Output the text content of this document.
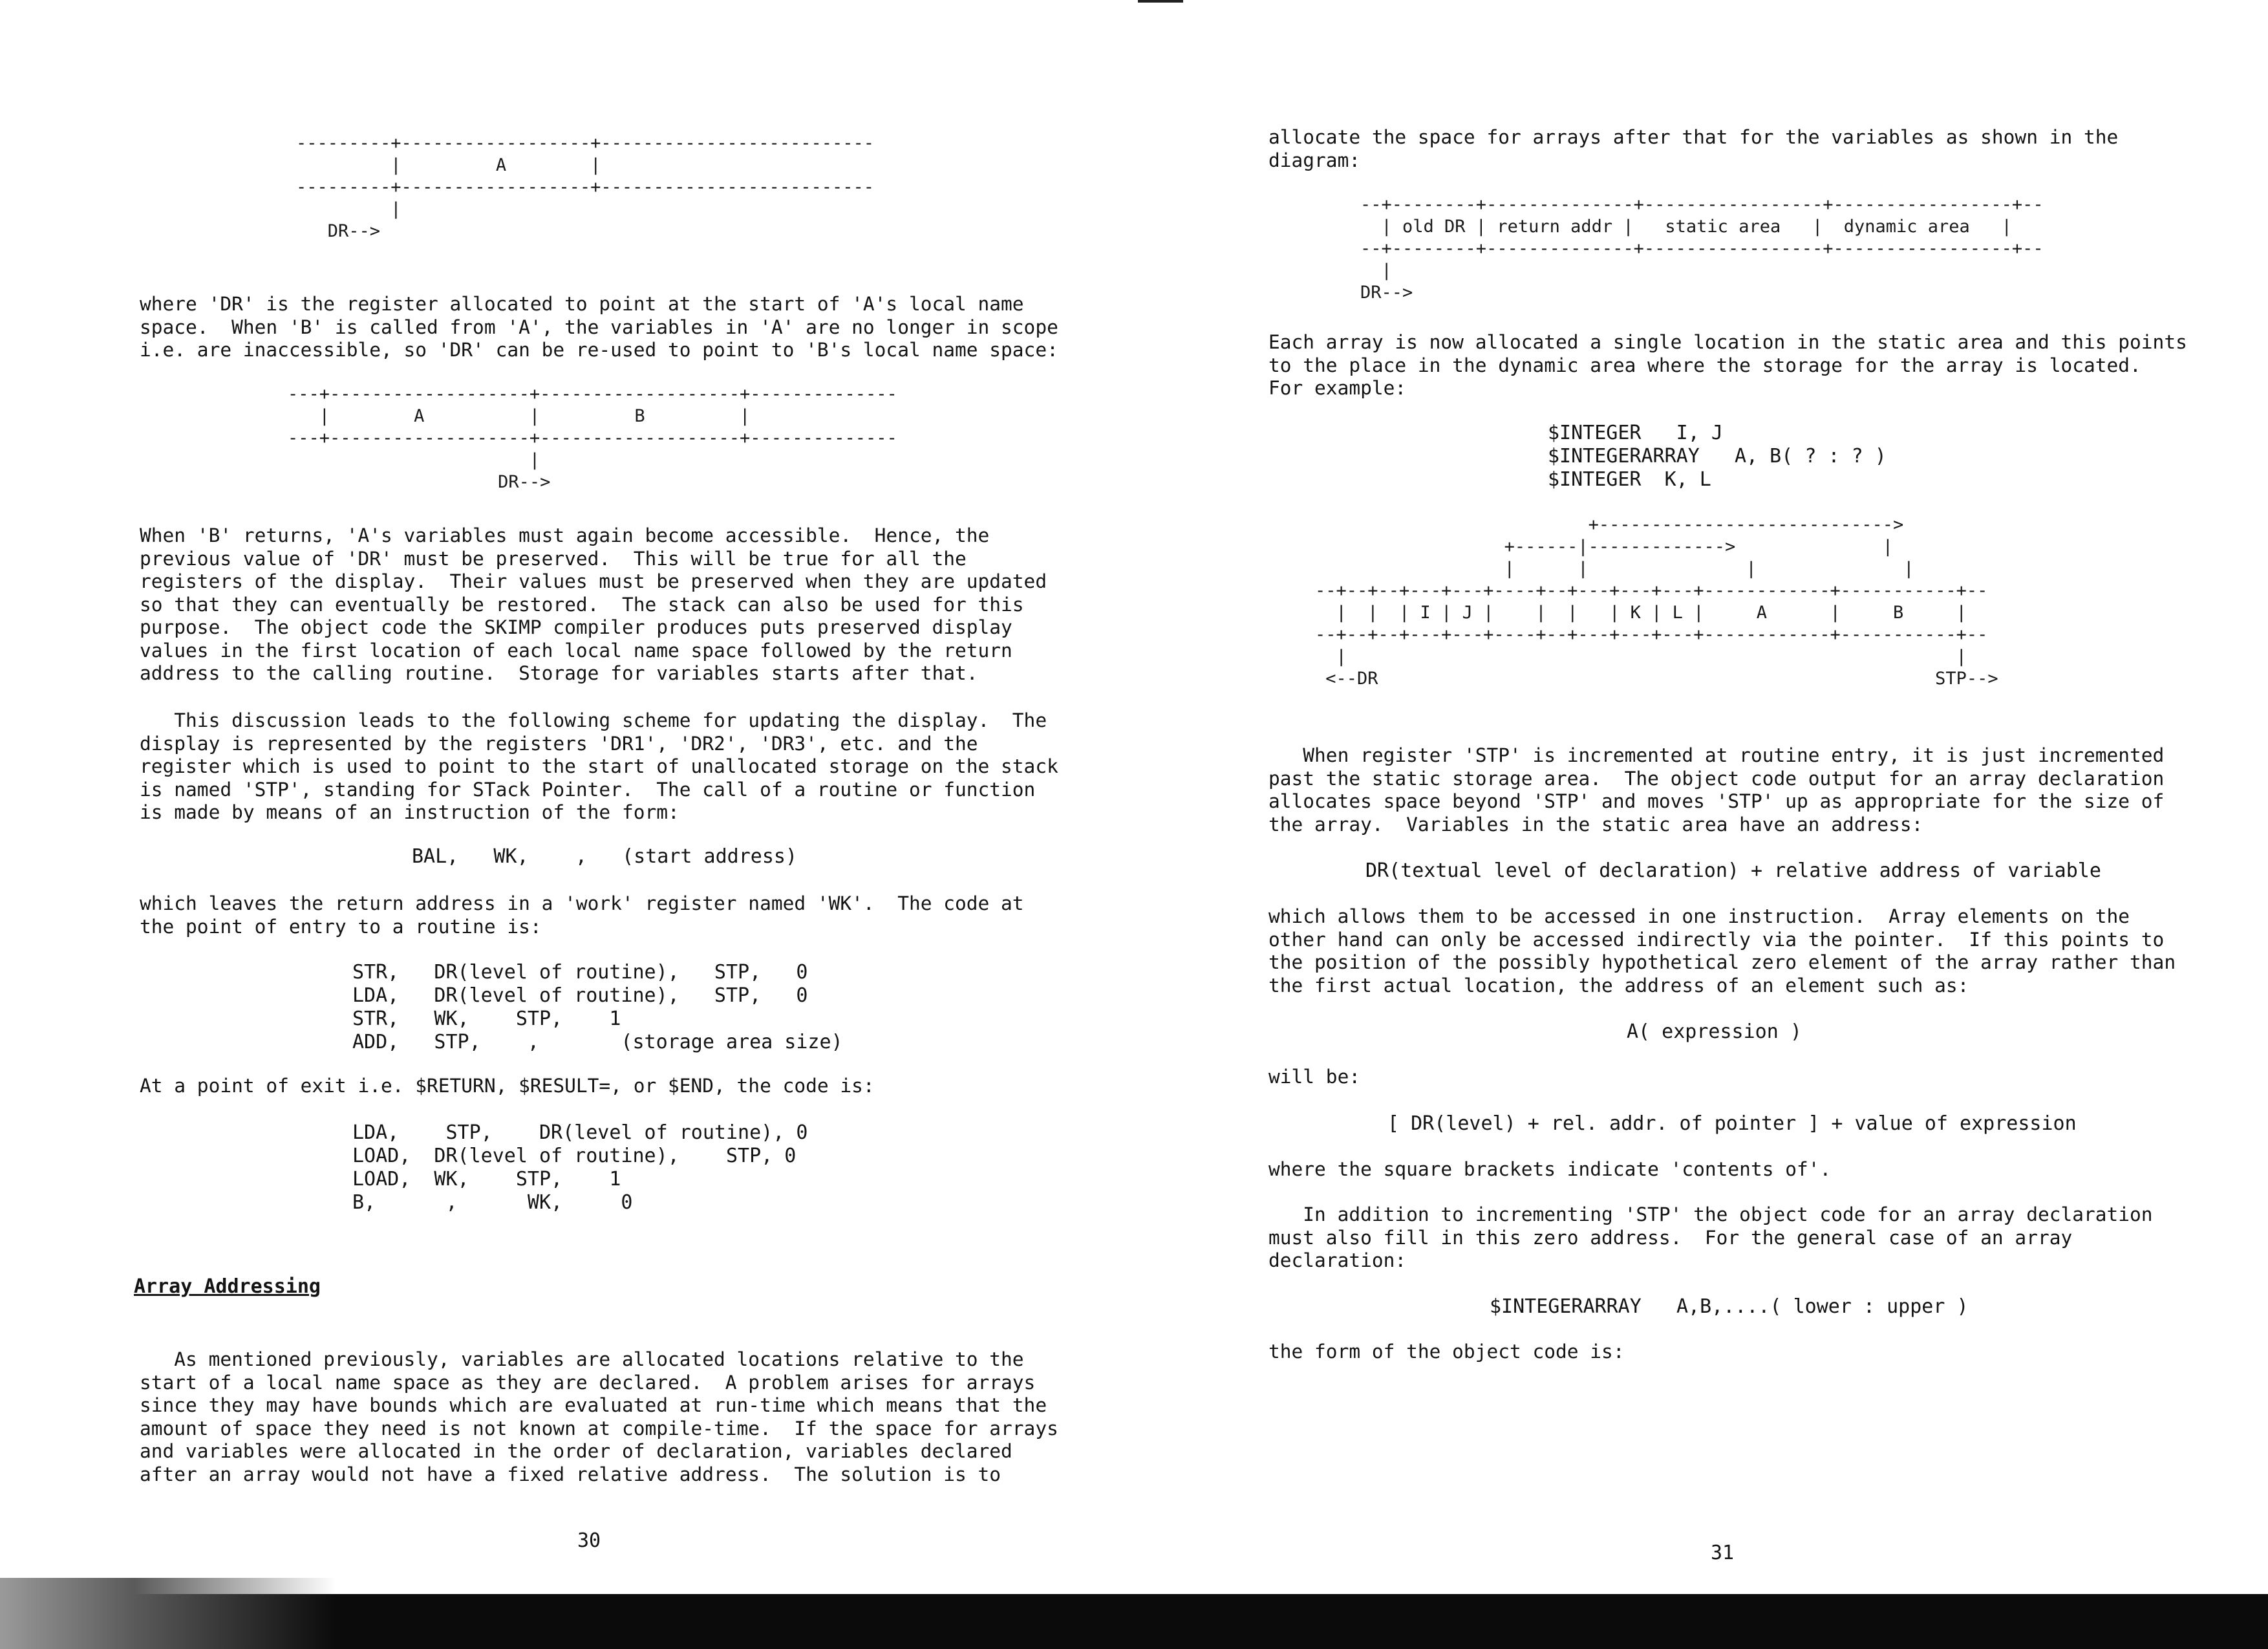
---------+------------------+--------------------------
|         A        |
---------+------------------+--------------------------
|
DR-->
where 'DR' is the register allocated to point at the start of 'A's local name
space.  When 'B' is called from 'A', the variables in 'A' are no longer in scope
i.e. are inaccessible, so 'DR' can be re-used to point to 'B's local name space:
---+-------------------+-------------------+--------------
|        A          |         B         |
---+-------------------+-------------------+--------------
|
DR-->
When 'B' returns, 'A's variables must again become accessible.  Hence, the
previous value of 'DR' must be preserved.  This will be true for all the
registers of the display.  Their values must be preserved when they are updated
so that they can eventually be restored.  The stack can also be used for this
purpose.  The object code the SKIMP compiler produces puts preserved display
values in the first location of each local name space followed by the return
address to the calling routine.  Storage for variables starts after that.
This discussion leads to the following scheme for updating the display.  The
display is represented by the registers 'DR1', 'DR2', 'DR3', etc. and the
register which is used to point to the start of unallocated storage on the stack
is named 'STP', standing for STack Pointer.  The call of a routine or function
is made by means of an instruction of the form:
BAL,   WK,    ,   (start address)
which leaves the return address in a 'work' register named 'WK'.  The code at
the point of entry to a routine is:
STR,   DR(level of routine),   STP,   0
LDA,   DR(level of routine),   STP,   0
STR,   WK,    STP,    1
ADD,   STP,    ,       (storage area size)
At a point of exit i.e. $RETURN, $RESULT=, or $END, the code is:
LDA,    STP,    DR(level of routine), 0
LOAD,  DR(level of routine),    STP, 0
LOAD,  WK,    STP,    1
B,      ,      WK,     0
Array Addressing
As mentioned previously, variables are allocated locations relative to the
start of a local name space as they are declared.  A problem arises for arrays
since they may have bounds which are evaluated at run-time which means that the
amount of space they need is not known at compile-time.  If the space for arrays
and variables were allocated in the order of declaration, variables declared
after an array would not have a fixed relative address.  The solution is to
30
allocate the space for arrays after that for the variables as shown in the
diagram:
--+--------+--------------+-----------------+-----------------+--
| old DR | return addr |   static area   |  dynamic area   |
--+--------+--------------+-----------------+-----------------+--
|
DR-->
Each array is now allocated a single location in the static area and this points
to the place in the dynamic area where the storage for the array is located.
For example:
$INTEGER   I, J
$INTEGERARRAY   A, B( ? : ? )
$INTEGER  K, L
+---------------------------->
+------|------------->              |
|      |               |              |
--+--+--+---+---+----+--+---+---+---+------------+-----------+--
|  |  | I | J |    |  |   | K | L |     A      |     B     |
--+--+--+---+---+----+--+---+---+---+------------+-----------+--
|                                                          |
<--DR                                                     STP-->
When register 'STP' is incremented at routine entry, it is just incremented
past the static storage area.  The object code output for an array declaration
allocates space beyond 'STP' and moves 'STP' up as appropriate for the size of
the array.  Variables in the static area have an address:
DR(textual level of declaration) + relative address of variable
which allows them to be accessed in one instruction.  Array elements on the
other hand can only be accessed indirectly via the pointer.  If this points to
the position of the possibly hypothetical zero element of the array rather than
the first actual location, the address of an element such as:
A( expression )
will be:
[ DR(level) + rel. addr. of pointer ] + value of expression
where the square brackets indicate 'contents of'.
In addition to incrementing 'STP' the object code for an array declaration
must also fill in this zero address.  For the general case of an array
declaration:
$INTEGERARRAY   A,B,....( lower : upper )
the form of the object code is:
31
